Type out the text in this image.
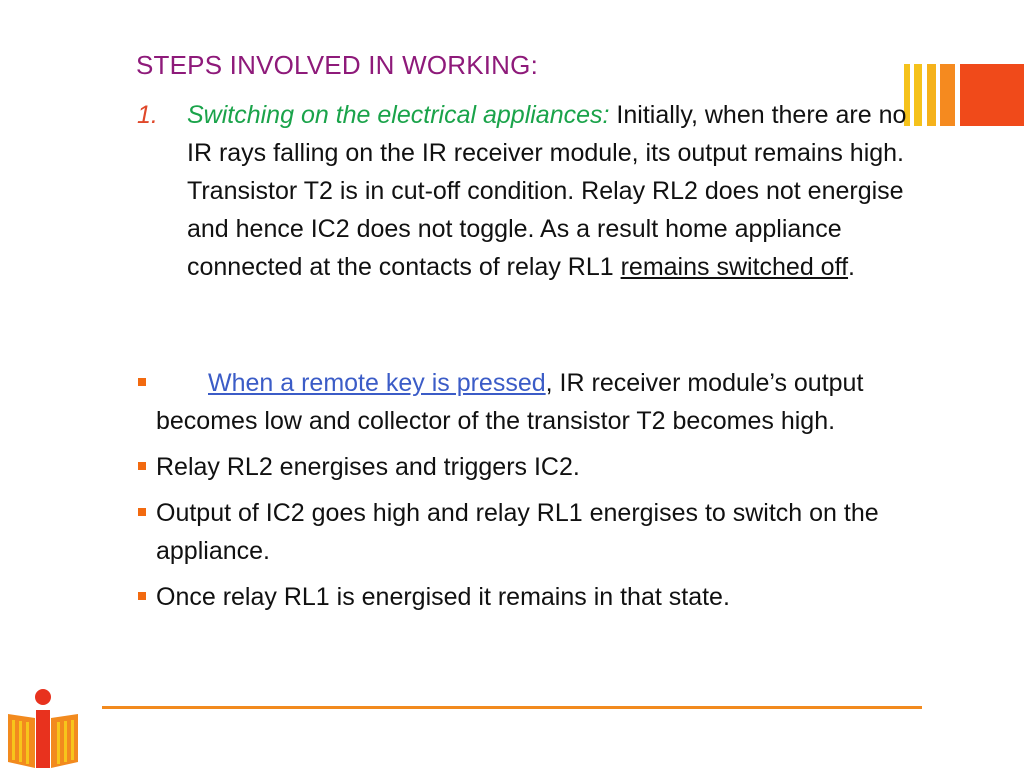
STEPS INVOLVED IN WORKING:
1.	Switching on the electrical appliances: Initially, when there are no IR rays falling on the IR receiver module, its output remains high. Transistor T2 is in cut-off condition. Relay RL2 does not energise and hence IC2 does not toggle. As a result home appliance connected at the contacts of relay RL1 remains switched off.
When a remote key is pressed, IR receiver module’s output becomes low and collector of the transistor T2 becomes high.
Relay RL2 energises and triggers IC2.
Output of IC2 goes high and relay RL1 energises to switch on the appliance.
Once relay RL1 is energised it remains in that state.
